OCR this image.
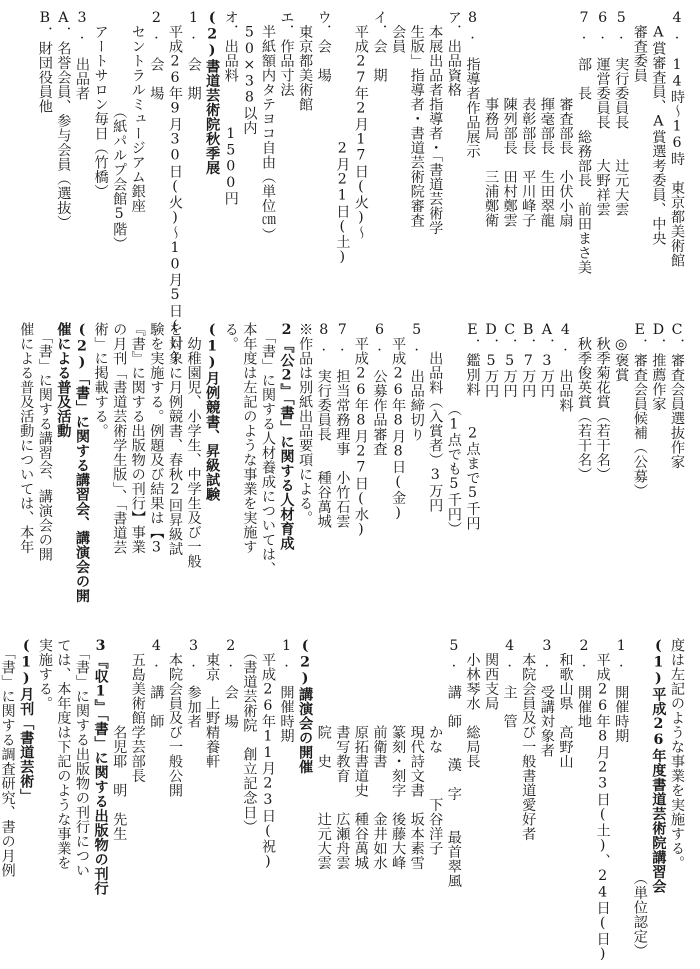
4.　14時～16時　東京都美術館
　A賞審査員、A賞選考委員、中央
　審査委員
5.　実行委員長　　辻元大雲
6.　運営委員長　　大野祥雲
7.　部　長　　総務部長　前田まさ美
　　　　　　審査部長　小伏小扇
　　　　　　揮毫部長　生田翠龍
　　　　　　表彰部長　平川峰子
　　　　　　陳列部長　田村鄭雲
　　　　　　事務局　　三浦鄭衛
8.　指導者作品展示
ア．出品資格
　本展出品者指導者・「書道芸術学
　生版」指導者・書道芸術院審査
　会員
イ．会　期
　平成27年2月17日(火)～
　　　　　　　　　2月21日(土)
ウ．会　場
　東京都美術館
エ．作品寸法
　半紙額内タテヨコ自由（単位㎝）
　50×38以内
オ．出品料　　　1500円
(2)書道芸術院秋季展
1.　会　期
　平成26年9月30日(火)～10月5日(日)
2.　会　場
　セントラルミュージアム銀座
　　　　　　　（紙パルプ会館5階）
　アートサロン毎日（竹橋）
3.　出品者
A．名誉会員、参与会員（選抜）
B．財団役員他
C．審査会員選抜作家
D．推薦作家
E．審査会員候補（公募）
　◎褒賞
　秋季菊花賞（若干名）
　秋季俊英賞（若干名）
4.　出品料
A．3万円
B．7万円
C．5万円
D．5万円
E．鑑別料　　2点まで5千円
　　　　　　（1点でも5千円）
　　出品料（入賞者）3万円
5.　出品締切り
　平成26年8月8日(金)
6.　公募作品審査
　平成26年8月27日(水)
7.　担当常務理事　小竹石雲
8.　実行委員長　　種谷萬城
※作品は別紙出品要項による。
2『公2』「書」に関する人材育成
　「書」に関する人材養成については、
本年度は左記のような事業を実施す
る。
(1)月例競書、昇級試験
　幼稚園児、小学生、中学生及び一般
を対象に月例競書、春秋2回昇級試
験を実施する。例題及び結果は【3
『書』に関する出版物の刊行】事業
の月刊「書道芸術学生版」、「書道芸
術」に掲載する。
(2)「書」に関する講習会、講演会の開
催による普及活動
　「書」に関する講習会、講演会の開
催による普及活動については、本年
度は左記のような事業を実施する。
(1)平成26年度書道芸術院講習会
　　　　　　　　（単位認定）
1.　開催時期
　平成26年8月23日(土)、24日(日)
2.　開催地
　和歌山県　高野山
3.　受講対象者
　本院会員及び一般書道愛好者
4.　主　管
　関西支局
　小林琴水　総局長
5.　講　師　　漢　字　　最首翠風
　　　　　　かな　　　下谷洋子
　　　　　　現代詩文書　坂本素雪
　　　　　　篆刻・刻字　後藤大峰
　　　　　　前衛書　　　金井如水
　　　　　　原拓書道史　種谷萬城
　　　　　　書写教育　　広瀬舟雲
　　　　　　院　史　　　辻元大雲
(2)講演会の開催
1.　開催時期
　平成26年11月23日(祝)
　（書道芸術院　創立記念日）
2.　会　場
　東京　上野精養軒
3.　参加者
　本院会員及び一般公開
4.　講　師
　五島美術館学芸部長
　　　　　　名児耶　明　先生
3『収1』「書」に関する出版物の刊行
　「書」に関する出版物の刊行につい
ては、本年度は下記のような事業を
実施する。
(1)月刊「書道芸術」
　「書」に関する調査研究、書の月例
